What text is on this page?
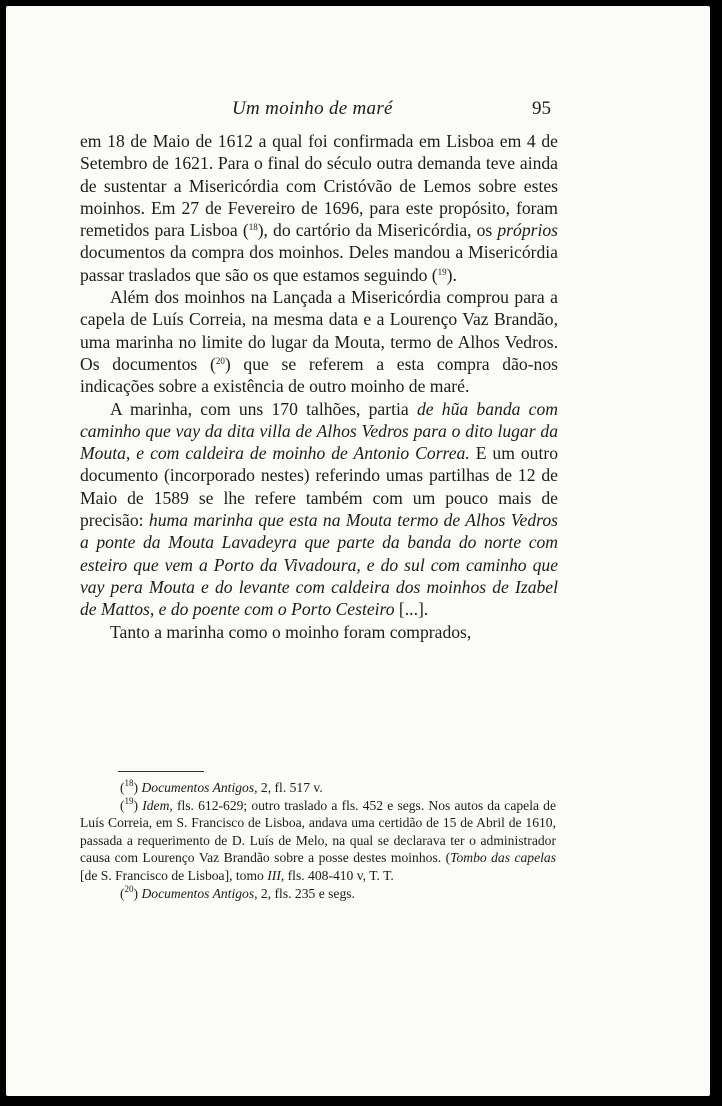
Um moinho de maré	95

em 18 de Maio de 1612 a qual foi confirmada em Lisboa em 4 de Setembro de 1621. Para o final do século outra demanda teve ainda de sustentar a Misericórdia com Cristóvão de Lemos sobre estes moinhos. Em 27 de Fevereiro de 1696, para este propósito, foram remetidos para Lisboa ($^{18}$), do cartório da Misericórdia, os próprios documentos da compra dos moinhos. Deles mandou a Misericórdia passar traslados que são os que estamos seguindo ($^{19}$).

Além dos moinhos na Lançada a Misericórdia comprou para a capela de Luís Correia, na mesma data e a Lourenço Vaz Brandão, uma marinha no limite do lugar da Mouta, termo de Alhos Vedros. Os documentos ($^{20}$) que se referem a esta compra dão-nos indicações sobre a existência de outro moinho de maré.

A marinha, com uns 170 talhões, partia de hũa banda com caminho que vay da dita villa de Alhos Vedros para o dito lugar da Mouta, e com caldeira de moinho de Antonio Correa. E um outro documento (incorporado nestes) referindo umas partilhas de 12 de Maio de 1589 se lhe refere também com um pouco mais de precisão: huma marinha que esta na Mouta termo de Alhos Vedros a ponte da Mouta Lavadeyra que parte da banda do norte com esteiro que vem a Porto da Vivadoura, e do sul com caminho que vay pera Mouta e do levante com caldeira dos moinhos de Izabel de Mattos, e do poente com o Porto Cesteiro [...].

Tanto a marinha como o moinho foram comprados,

($^{18}$) Documentos Antigos, 2, fl. 517 v.

($^{19}$) Idem, fls. 612-629; outro traslado a fls. 452 e segs. Nos autos da capela de Luís Correia, em S. Francisco de Lisboa, andava uma certidão de 15 de Abril de 1610, passada a requerimento de D. Luís de Melo, na qual se declarava ter o administrador causa com Lourenço Vaz Brandão sobre a posse destes moinhos. (Tombo das capelas [de S. Francisco de Lisboa], tomo III, fls. 408-410 v, T. T.

($^{20}$) Documentos Antigos, 2, fls. 235 e segs.
